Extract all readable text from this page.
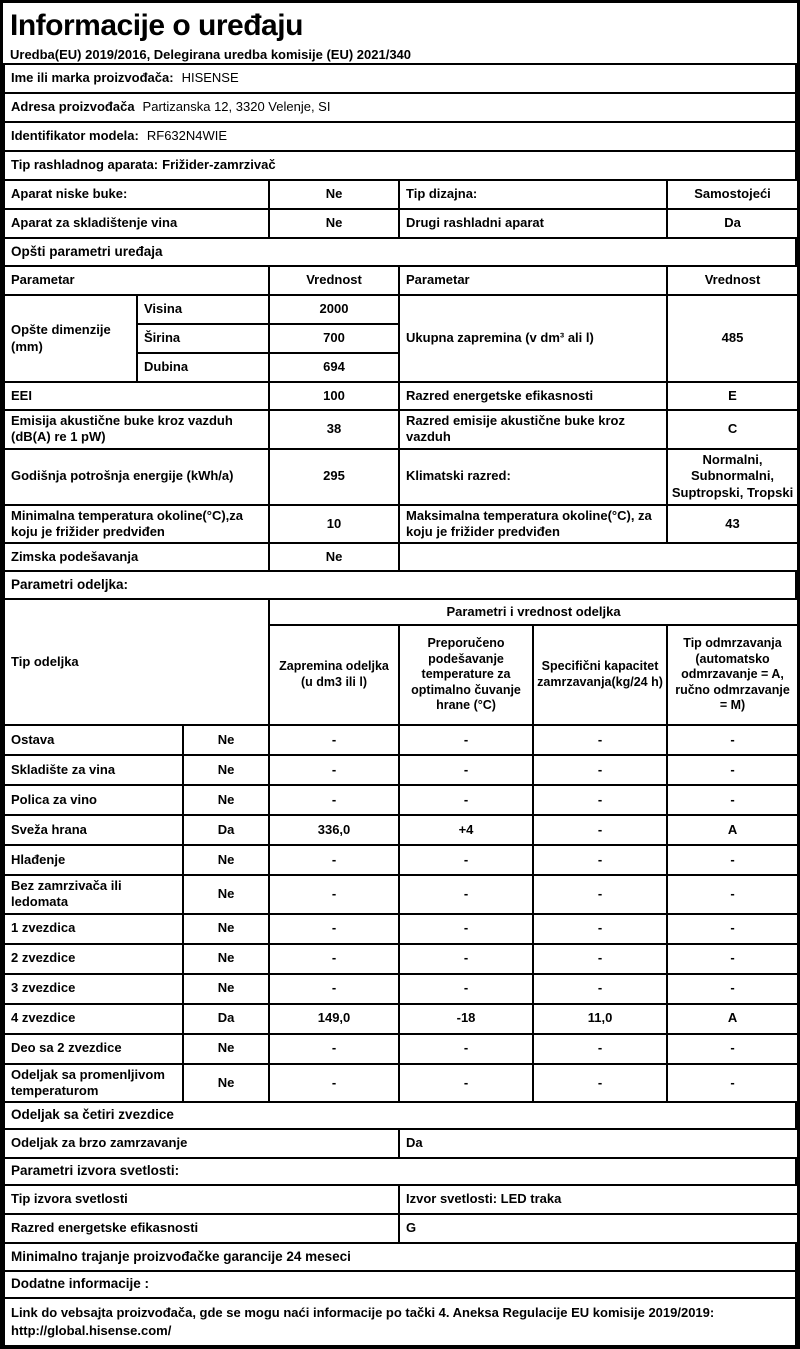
Informacije o uređaju
Uredba(EU) 2019/2016, Delegirana uredba komisije (EU) 2021/340
Ime ili marka proizvođača: HISENSE
Adresa proizvođača Partizanska 12, 3320 Velenje, SI
Identifikator modela: RF632N4WIE
Tip rashladnog aparata: Frižider-zamrzivač
Aparat niske buke:	Ne	Tip dizajna:	Samostojeći
Aparat za skladištenje vina	Ne	Drugi rashladni aparat	Da
Opšti parametri uređaja
Parametar		Vrednost	Parametar	Vrednost
Opšte dimenzije (mm)	Visina	2000	Ukupna zapremina (v dm³ ali l)	485
	Širina	700		
	Dubina	694		
EEI		100	Razred energetske efikasnosti	E
Emisija akustične buke kroz vazduh (dB(A) re 1 pW)		38	Razred emisije akustične buke kroz vazduh	C
Godišnja potrošnja energije (kWh/a)		295	Klimatski razred:	Normalni, Subnormalni, Suptropski, Tropski
Minimalna temperatura okoline(°C),za koju je frižider predviđen		10	Maksimalna temperatura okoline(°C), za koju je frižider predviđen	43
Zimska podešavanja		Ne		
Parametri odeljka:
Tip odeljka		Parametri i vrednost odeljka			
		Zapremina odeljka (u dm3 ili l)	Preporučeno podešavanje temperature za optimalno čuvanje hrane (°C)	Specifični kapacitet zamrzavanja(kg/24 h)	Tip odmrzavanja (automatsko odmrzavanje = A, ručno odmrzavanje = M)
Ostava	Ne	-	-	-	-
Skladište za vina	Ne	-	-	-	-
Polica za vino	Ne	-	-	-	-
Sveža hrana	Da	336,0	+4	-	A
Hlađenje	Ne	-	-	-	-
Bez zamrzivača ili ledomata	Ne	-	-	-	-
1 zvezdica	Ne	-	-	-	-
2 zvezdice	Ne	-	-	-	-
3 zvezdice	Ne	-	-	-	-
4 zvezdice	Da	149,0	-18	11,0	A
Deo sa 2 zvezdice	Ne	-	-	-	-
Odeljak sa promenljivom temperaturom	Ne	-	-	-	-
Odeljak sa četiri zvezdice
Odeljak za brzo zamrzavanje	Da
Parametri izvora svetlosti:
Tip izvora svetlosti	Izvor svetlosti: LED traka
Razred energetske efikasnosti	G
Minimalno trajanje proizvođačke garancije 24 meseci
Dodatne informacije :
Link do vebsajta proizvođača, gde se mogu naći informacije po tački 4. Aneksa Regulacije EU komisije 2019/2019:
http://global.hisense.com/
